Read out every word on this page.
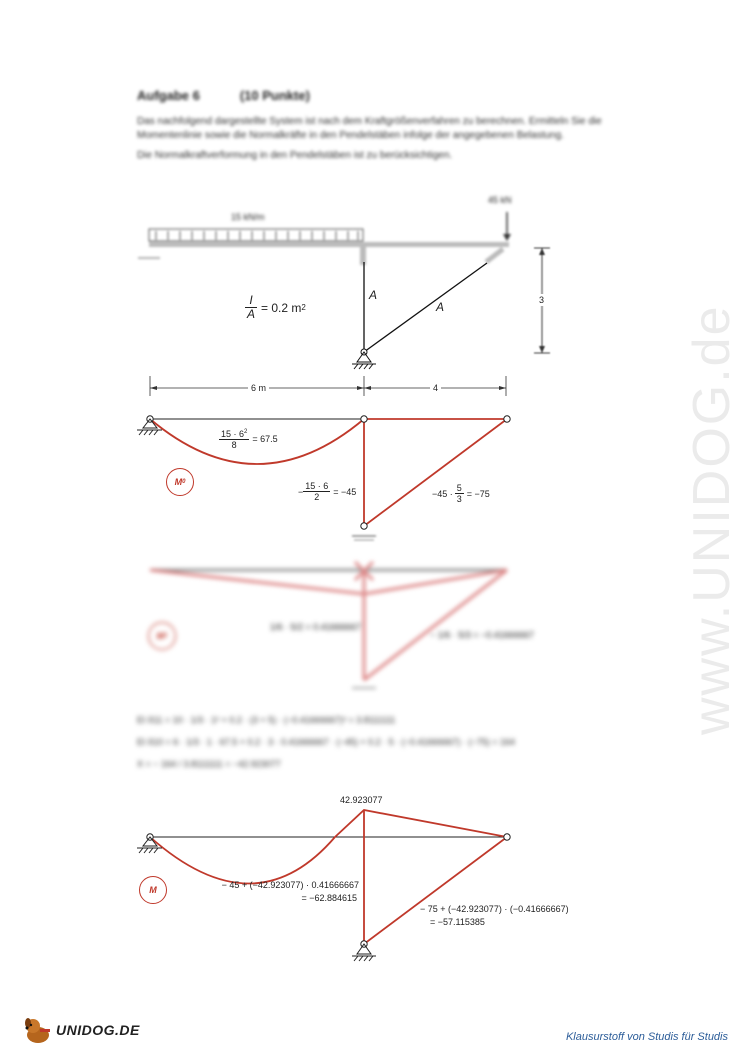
www.UNIDOG.de
Aufgabe 6	(10 Punkte)
Das nachfolgend dargestellte System ist nach dem Kraftgrößenverfahren zu berechnen. Ermitteln Sie die Momentenlinie sowie die Normalkräfte in den Pendelstäben infolge der angegebenen Belastung.
Die Normalkraftverformung in den Pendelstäben ist zu berücksichtigen.
15 kN/m
45 kN
$\frac{I}{A} = 0.2$ m 2
A
A
6 m	4
3
M 0
$\frac{15 \cdot 6^2}{8} = 67.5$
− $\frac{15 \cdot 6}{2} = -45$	$-45 \cdot \frac{5}{3} = -75$
M 1
1/6 · 5/2 = 0.41666667
− 1/6 · 5/3 = −0.41666667
EI δ11 = 10 · 1/3 · 1² + 0.2 · (3 + 5) · (−0.41666667)² = 3.8111111
EI δ10 = 6 · 1/3 · 1 · 67.5 + 0.2 · 3 · 0.41666667 · (−45) + 0.2 · 5 · (−0.41666667) · (−75) = 164
X = − 164 / 3.8111111 = −42.923077
42.923077
M	− 45 + (−42.923077) · 0.41666667
= −62.884615
− 75 + (−42.923077) · (−0.41666667)
= −57.115385
UNIDOG.DE	Klausurstoff von Studis für Studis
